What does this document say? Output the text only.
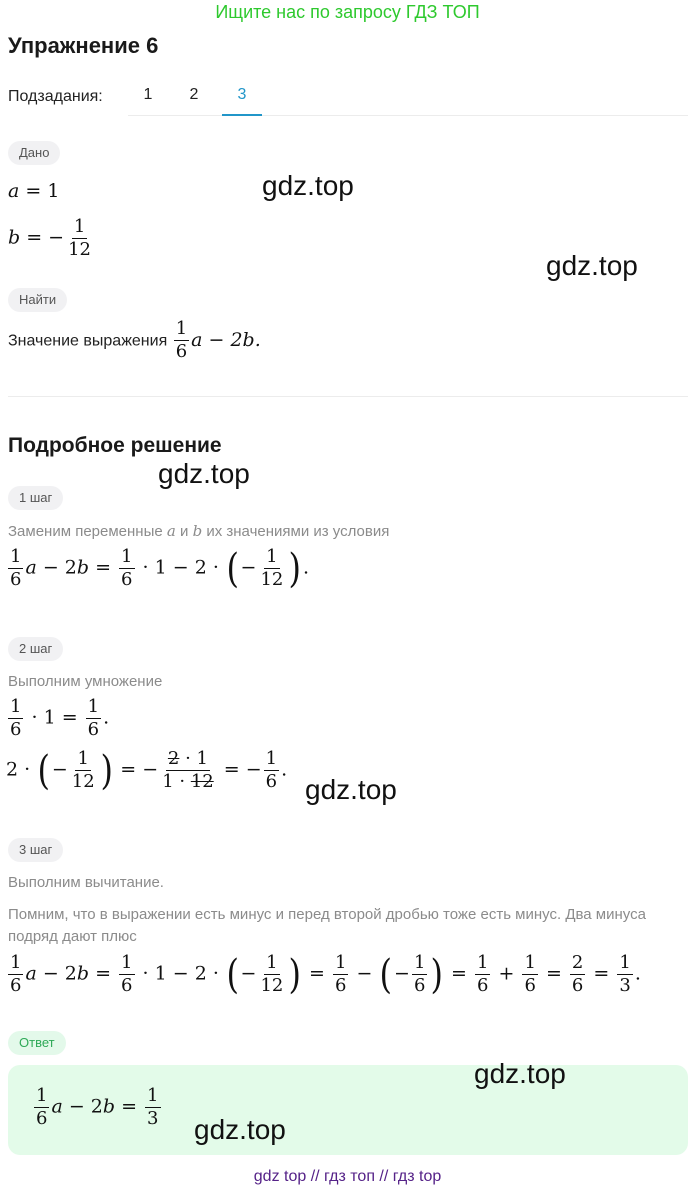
Ищите нас по запросу ГДЗ ТОП
Упражнение 6
Подзадания:	1	2	3
Дано
a = 1
b = − $\frac{1}{12}$
gdz.top
gdz.top
Найти
Значение выражения $\frac{1}{6}$ a − 2b.
Подробное решение
gdz.top
1 шаг
Заменим переменные a и b их значениями из условия
$\frac{1}{6}$ $a - 2b = \frac{1}{6} \cdot 1 - 2$ · (− $\frac{1}{12}$ ).
2 шаг
Выполним умножение
$\frac{1}{6} \cdot 1 = \frac{1}{6}$ .
2 · (− $\frac{1}{12}$ ) = − $\frac{2 \cdot 1}{1 \cdot 12}$ = − $\frac{1}{6}$ .
gdz.top
3 шаг
Выполним вычитание.
Помним, что в выражении есть минус и перед второй дробью тоже есть минус. Два минуса подряд дают плюс
$\frac{1}{6}$ $a - 2b = \frac{1}{6} \cdot 1 - 2$ · (− $\frac{1}{12}$ ) = $\frac{1}{6}$ − (− $\frac{1}{6}$ ) = $\frac{1}{6} + \frac{1}{6} = \frac{2}{6} = \frac{1}{3}$ .
Ответ
$\frac{1}{6}$ $a - 2b = \frac{1}{3}$
gdz.top
gdz.top
gdz top // гдз топ // гдз top
